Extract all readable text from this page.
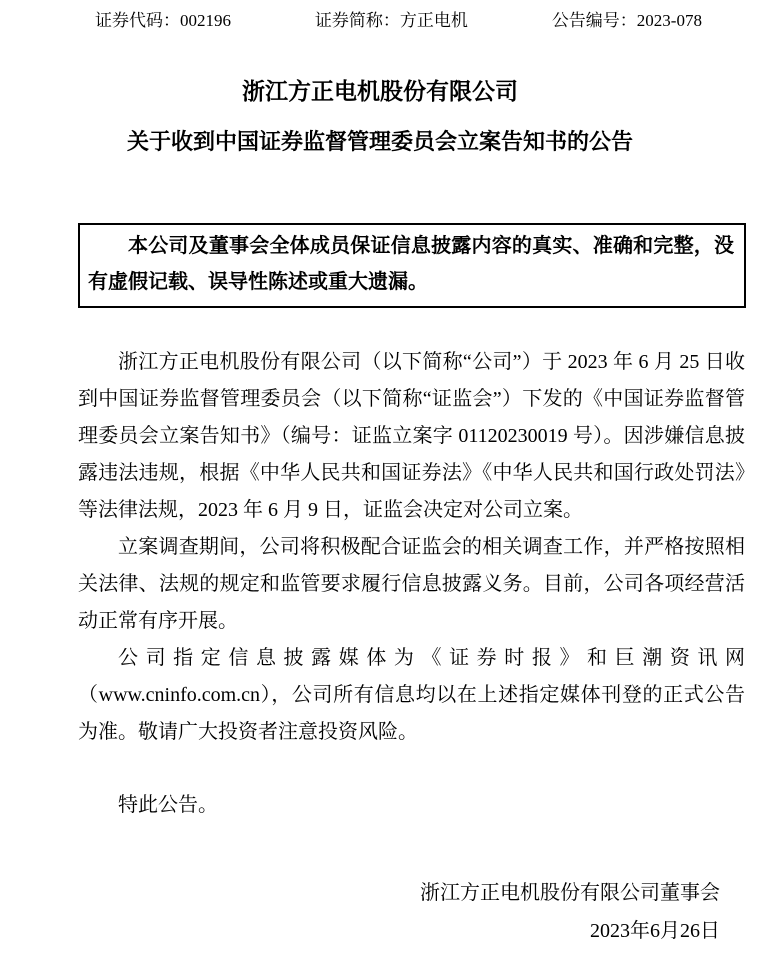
证券代码：002196	证券简称：方正电机	公告编号：2023-078
浙江方正电机股份有限公司
关于收到中国证券监督管理委员会立案告知书的公告

本公司及董事会全体成员保证信息披露内容的真实、准确和完整，没有虚假记载、误导性陈述或重大遗漏。

浙江方正电机股份有限公司（以下简称“公司”）于 2023 年 6 月 25 日收到中国证券监督管理委员会（以下简称“证监会”）下发的《中国证券监督管理委员会立案告知书》（编号：证监立案字 01120230019 号）。因涉嫌信息披露违法违规，根据《中华人民共和国证券法》《中华人民共和国行政处罚法》等法律法规，2023 年 6 月 9 日，证监会决定对公司立案。

立案调查期间，公司将积极配合证监会的相关调查工作，并严格按照相关法律、法规的规定和监管要求履行信息披露义务。目前，公司各项经营活动正常有序开展。

公司指定信息披露媒体为《证券时报》和巨潮资讯网（www.cninfo.com.cn），公司所有信息均以在上述指定媒体刊登的正式公告为准。敬请广大投资者注意投资风险。

特此公告。

浙江方正电机股份有限公司董事会
2023年6月26日
